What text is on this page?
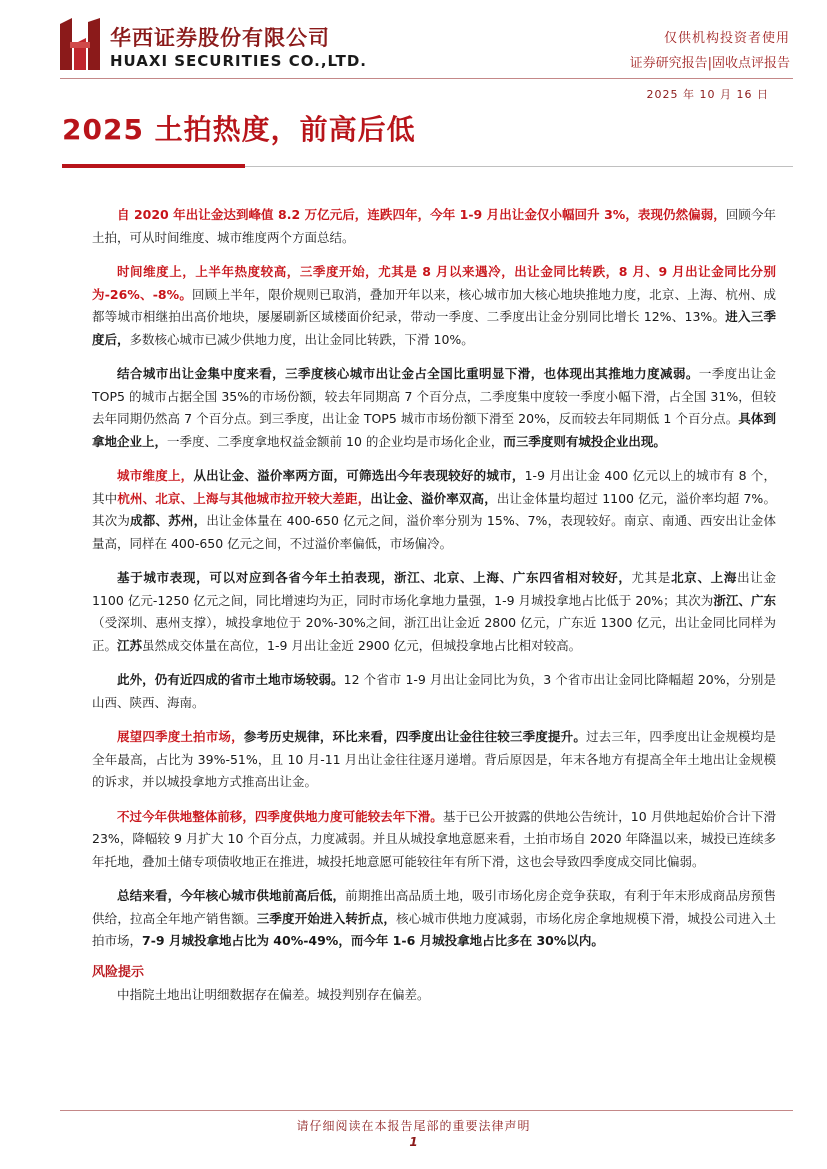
华西证券股份有限公司
HUAXI SECURITIES CO.,LTD.
仅供机构投资者使用
证券研究报告|固收点评报告
2025 年 10 月 16 日
2025 土拍热度，前高后低

自 2020 年出让金达到峰值 8.2 万亿元后，连跌四年，今年 1-9 月出让金仅小幅回升 3%，表现仍然偏弱，回顾今年土拍，可从时间维度、城市维度两个方面总结。

时间维度上，上半年热度较高，三季度开始，尤其是 8 月以来遇冷，出让金同比转跌，8 月、9 月出让金同比分别为-26%、-8%。回顾上半年，限价规则已取消，叠加开年以来，核心城市加大核心地块推地力度，北京、上海、杭州、成都等城市相继拍出高价地块，屡屡刷新区域楼面价纪录，带动一季度、二季度出让金分别同比增长 12%、13%。进入三季度后，多数核心城市已减少供地力度，出让金同比转跌，下滑 10%。

结合城市出让金集中度来看，三季度核心城市出让金占全国比重明显下滑，也体现出其推地力度减弱。一季度出让金 TOP5 的城市占据全国 35%的市场份额，较去年同期高 7 个百分点，二季度集中度较一季度小幅下滑，占全国 31%，但较去年同期仍然高 7 个百分点。到三季度，出让金 TOP5 城市市场份额下滑至 20%，反而较去年同期低 1 个百分点。具体到拿地企业上，一季度、二季度拿地权益金额前 10 的企业均是市场化企业，而三季度则有城投企业出现。

城市维度上，从出让金、溢价率两方面，可筛选出今年表现较好的城市，1-9 月出让金 400 亿元以上的城市有 8 个，其中杭州、北京、上海与其他城市拉开较大差距，出让金、溢价率双高，出让金体量均超过 1100 亿元，溢价率均超 7%。其次为成都、苏州，出让金体量在 400-650 亿元之间，溢价率分别为 15%、7%，表现较好。南京、南通、西安出让金体量高，同样在 400-650 亿元之间，不过溢价率偏低，市场偏冷。

基于城市表现，可以对应到各省今年土拍表现，浙江、北京、上海、广东四省相对较好，尤其是北京、上海出让金 1100 亿元-1250 亿元之间，同比增速均为正，同时市场化拿地力量强，1-9 月城投拿地占比低于 20%；其次为浙江、广东（受深圳、惠州支撑），城投拿地位于 20%-30%之间，浙江出让金近 2800 亿元，广东近 1300 亿元，出让金同比同样为正。江苏虽然成交体量在高位，1-9 月出让金近 2900 亿元，但城投拿地占比相对较高。

此外，仍有近四成的省市土地市场较弱。12 个省市 1-9 月出让金同比为负，3 个省市出让金同比降幅超 20%，分别是山西、陕西、海南。

展望四季度土拍市场，参考历史规律，环比来看，四季度出让金往往较三季度提升。过去三年，四季度出让金规模均是全年最高，占比为 39%-51%，且 10 月-11 月出让金往往逐月递增。背后原因是，年末各地方有提高全年土地出让金规模的诉求，并以城投拿地方式推高出让金。

不过今年供地整体前移，四季度供地力度可能较去年下滑。基于已公开披露的供地公告统计，10 月供地起始价合计下滑 23%，降幅较 9 月扩大 10 个百分点，力度减弱。并且从城投拿地意愿来看，土拍市场自 2020 年降温以来，城投已连续多年托地，叠加土储专项债收地正在推进，城投托地意愿可能较往年有所下滑，这也会导致四季度成交同比偏弱。

总结来看，今年核心城市供地前高后低，前期推出高品质土地，吸引市场化房企竞争获取，有利于年末形成商品房预售供给，拉高全年地产销售额。三季度开始进入转折点，核心城市供地力度减弱，市场化房企拿地规模下滑，城投公司进入土拍市场，7-9 月城投拿地占比为 40%-49%，而今年 1-6 月城投拿地占比多在 30%以内。

风险提示
中指院土地出让明细数据存在偏差。城投判别存在偏差。
请仔细阅读在本报告尾部的重要法律声明
1
